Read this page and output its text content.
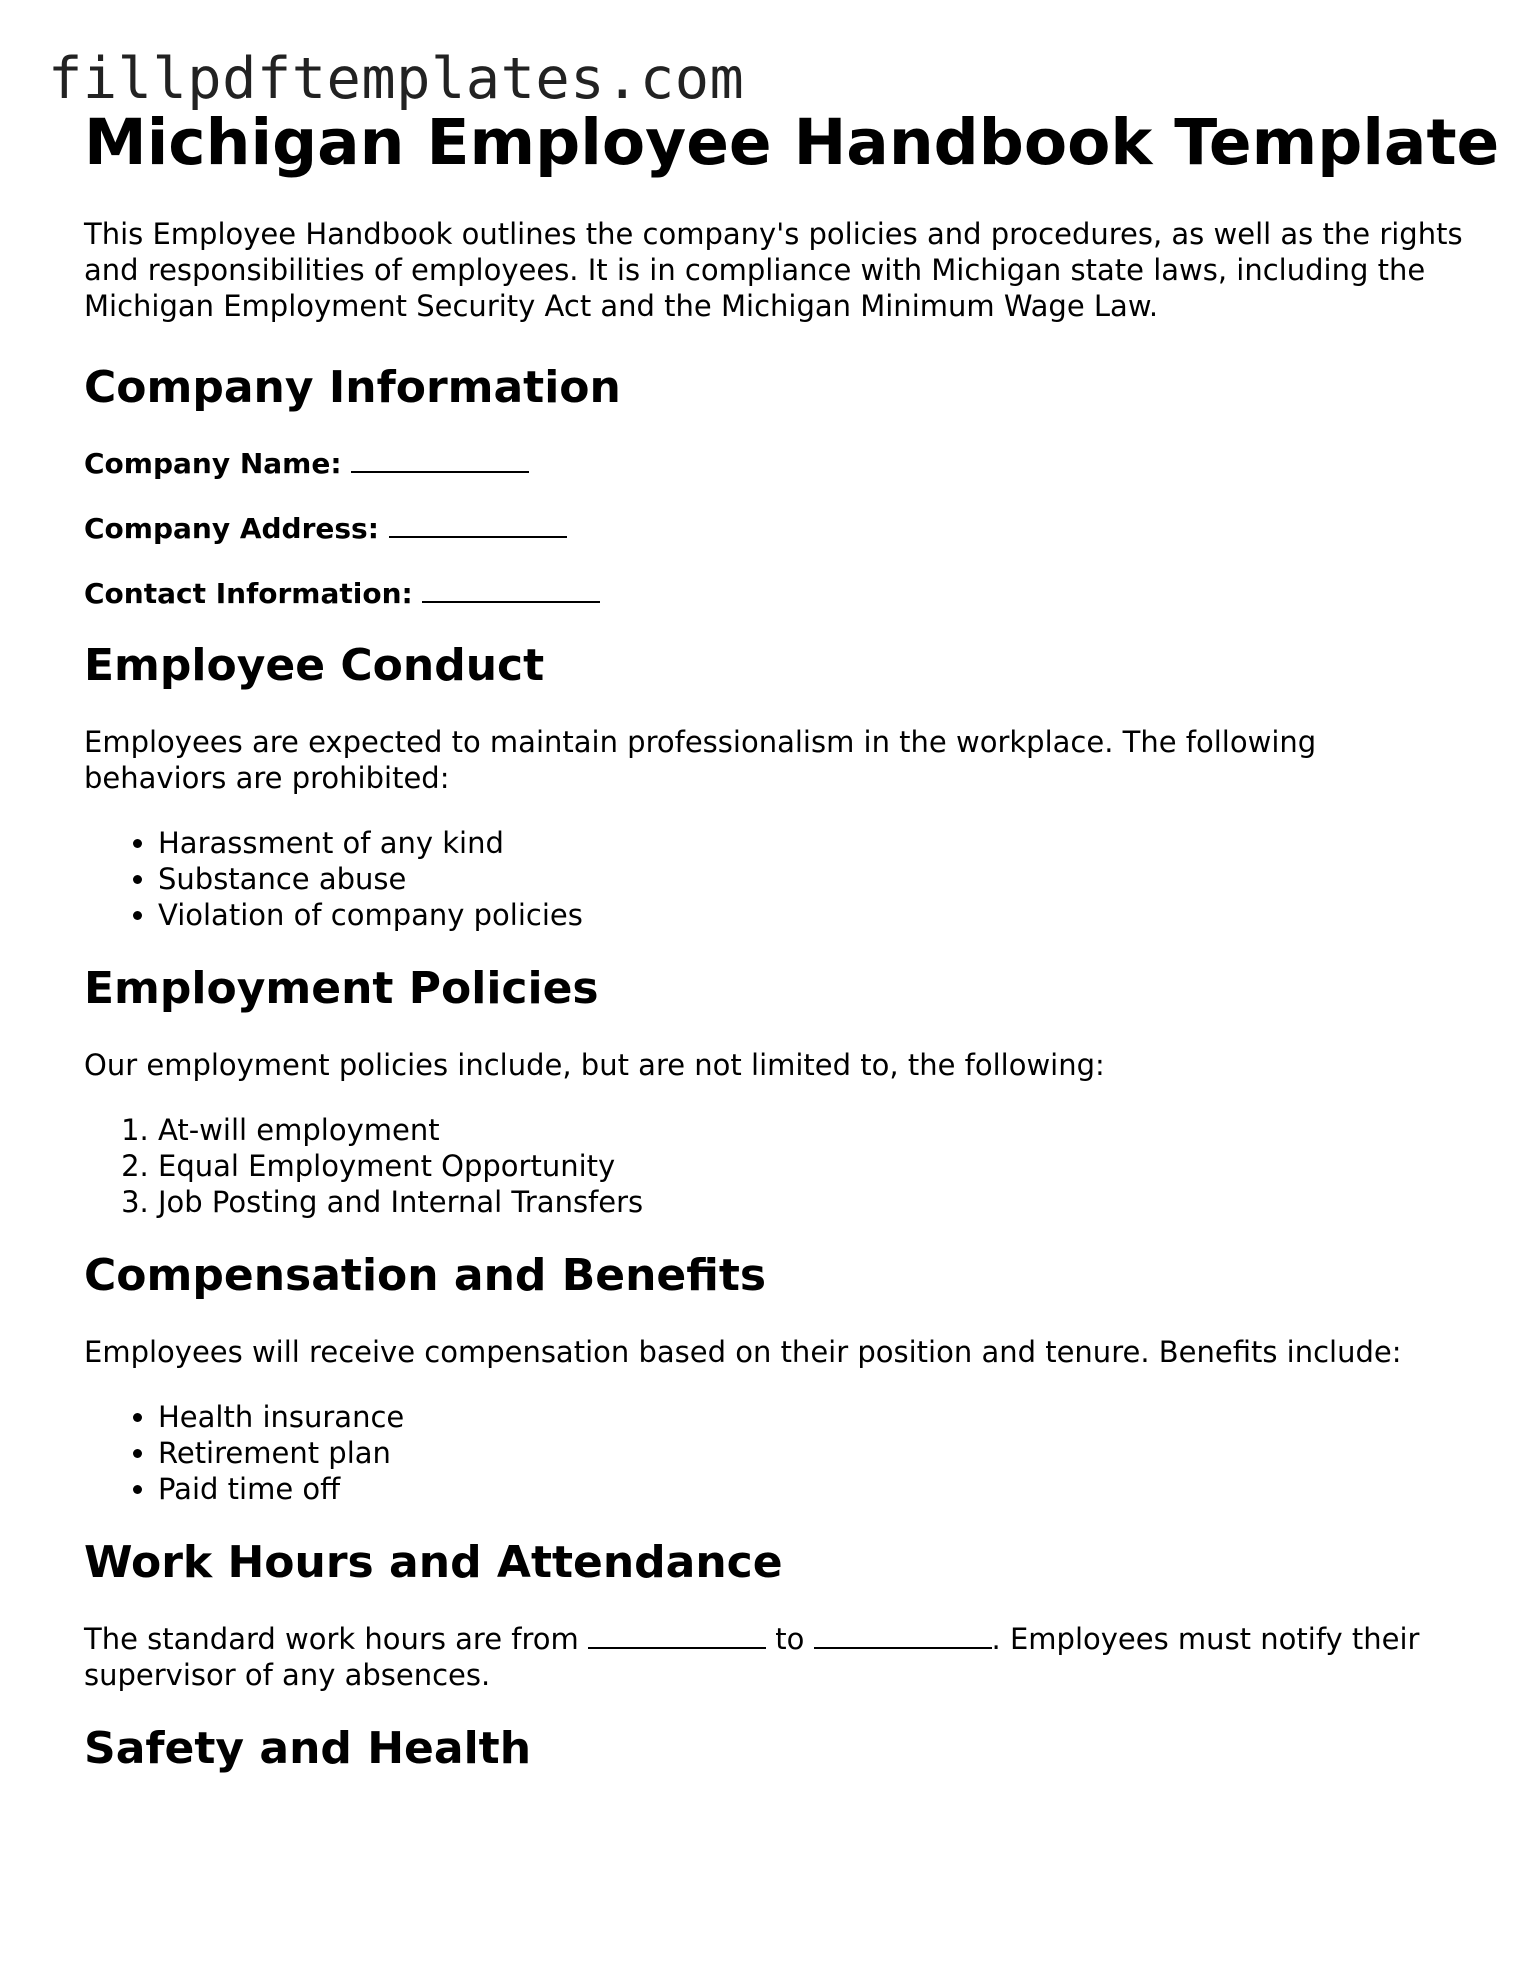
fillpdftemplates.com
Michigan Employee Handbook Template

This Employee Handbook outlines the company's policies and procedures, as well as the rights and responsibilities of employees. It is in compliance with Michigan state laws, including the Michigan Employment Security Act and the Michigan Minimum Wage Law.

Company Information
Company Name:
Company Address:
Contact Information:
Employee Conduct

Employees are expected to maintain professionalism in the workplace. The following behaviors are prohibited:

• Harassment of any kind
• Substance abuse
• Violation of company policies
Employment Policies

Our employment policies include, but are not limited to, the following:

1. At-will employment
2. Equal Employment Opportunity
3. Job Posting and Internal Transfers
Compensation and Benefits

Employees will receive compensation based on their position and tenure. Benefits include:

• Health insurance
• Retirement plan
• Paid time off
Work Hours and Attendance

The standard work hours are from	to	. Employees must notify their supervisor of any absences.

Safety and Health
